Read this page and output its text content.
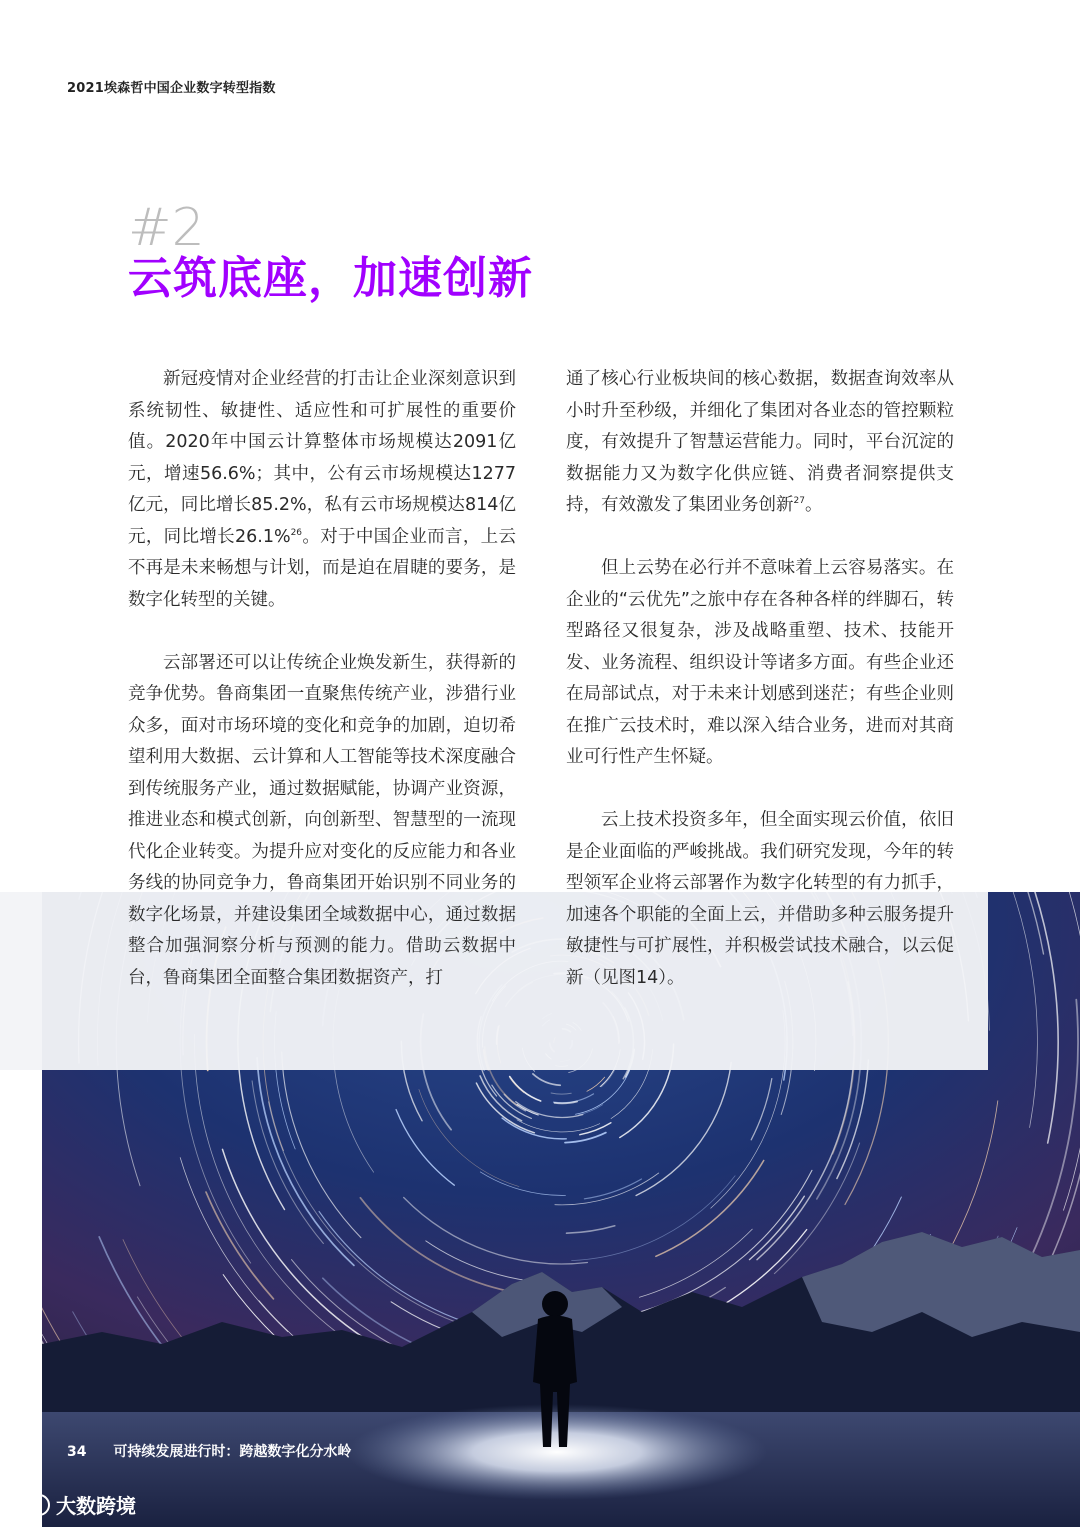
2021埃森哲中国企业数字转型指数
#2
云筑底座，加速创新

新冠疫情对企业经营的打击让企业深刻意识到系统韧性、敏捷性、适应性和可扩展性的重要价值。2020年中国云计算整体市场规模达2091亿元，增速56.6%；其中，公有云市场规模达1277亿元，同比增长85.2%，私有云市场规模达814亿元，同比增长26.1%$^{26}$。对于中国企业而言，上云不再是未来畅想与计划，而是迫在眉睫的要务，是数字化转型的关键。

云部署还可以让传统企业焕发新生，获得新的竞争优势。鲁商集团一直聚焦传统产业，涉猎行业众多，面对市场环境的变化和竞争的加剧，迫切希望利用大数据、云计算和人工智能等技术深度融合到传统服务产业，通过数据赋能，协调产业资源，推进业态和模式创新，向创新型、智慧型的一流现代化企业转变。为提升应对变化的反应能力和各业务线的协同竞争力，鲁商集团开始识别不同业务的数字化场景，并建设集团全域数据中心，通过数据整合加强洞察分析与预测的能力。借助云数据中台，鲁商集团全面整合集团数据资产，打

通了核心行业板块间的核心数据，数据查询效率从小时升至秒级，并细化了集团对各业态的管控颗粒度，有效提升了智慧运营能力。同时，平台沉淀的数据能力又为数字化供应链、消费者洞察提供支持，有效激发了集团业务创新$^{27}$。

但上云势在必行并不意味着上云容易落实。在企业的“云优先”之旅中存在各种各样的绊脚石，转型路径又很复杂，涉及战略重塑、技术、技能开发、业务流程、组织设计等诸多方面。有些企业还在局部试点，对于未来计划感到迷茫；有些企业则在推广云技术时，难以深入结合业务，进而对其商业可行性产生怀疑。

云上技术投资多年，但全面实现云价值，依旧是企业面临的严峻挑战。我们研究发现，今年的转型领军企业将云部署作为数字化转型的有力抓手，加速各个职能的全面上云，并借助多种云服务提升敏捷性与可扩展性，并积极尝试技术融合，以云促新（见图14）。

34 可持续发展进行时：跨越数字化分水岭
大数跨境
